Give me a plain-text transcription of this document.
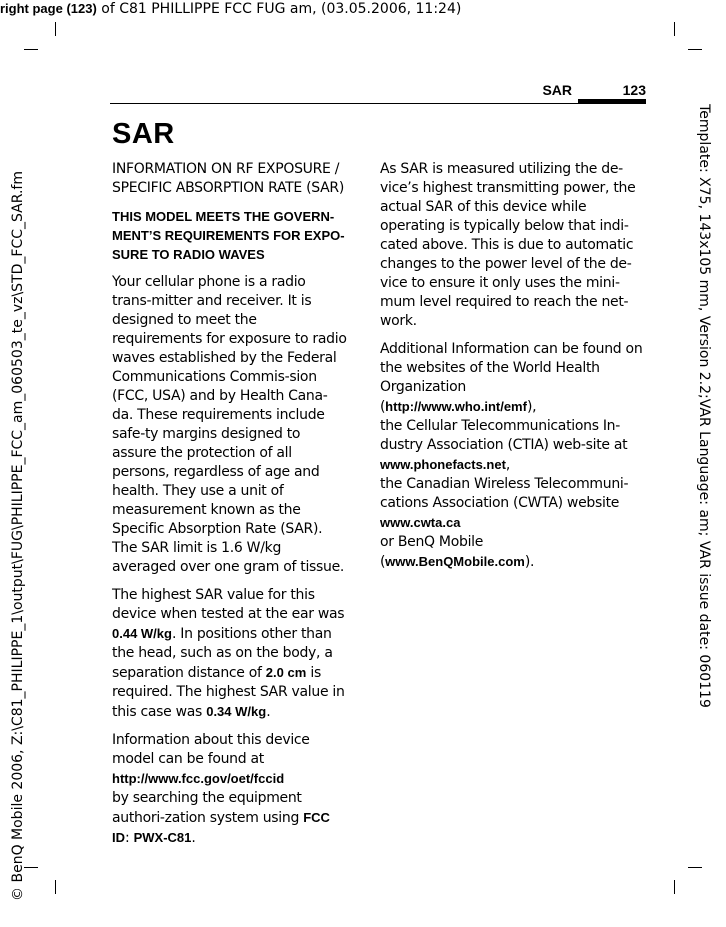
right page (123) of C81 PHILLIPPE FCC FUG am, (03.05.2006, 11:24)
© BenQ Mobile 2006, Z:\C81_PHILIPPE_1\output\FUG\PHILIPPE_FCC_am_060503_te_vz\STD_FCC_SAR.fm	Template: X75, 143x105 mm, Version 2.2;VAR Language: am; VAR issue date: 060119
SAR	123
SAR

INFORMATION ON RF EXPOSURE / SPECIFIC ABSORPTION RATE (SAR)

THIS MODEL MEETS THE GOVERN-MENT’S REQUIREMENTS FOR EXPO-SURE TO RADIO WAVES

Your cellular phone is a radio trans-mitter and receiver. It is designed to meet the requirements for exposure to radio waves established by the Federal Communications Commis-sion (FCC, USA) and by Health Cana-da. These requirements include safe-ty margins designed to assure the protection of all persons, regardless of age and health. They use a unit of measurement known as the Specific Absorption Rate (SAR). The SAR limit is 1.6 W/kg averaged over one gram of tissue.

The highest SAR value for this device when tested at the ear was 0.44 W/kg. In positions other than the head, such as on the body, a separation distance of 2.0 cm is required. The highest SAR value in this case was 0.34 W/kg.

Information about this device model can be found at
http://www.fcc.gov/oet/fccid
by searching the equipment authori-zation system using FCC ID: PWX-C81.

As SAR is measured utilizing the de-vice’s highest transmitting power, the actual SAR of this device while operating is typically below that indi-cated above. This is due to automatic changes to the power level of the de-vice to ensure it only uses the mini-mum level required to reach the net-work.

Additional Information can be found on the websites of the World Health Organization
(http://www.who.int/emf),
the Cellular Telecommunications In-dustry Association (CTIA) web-site at
www.phonefacts.net,
the Canadian Wireless Telecommuni-cations Association (CWTA) website
www.cwta.ca
or BenQ Mobile
(www.BenQMobile.com).
